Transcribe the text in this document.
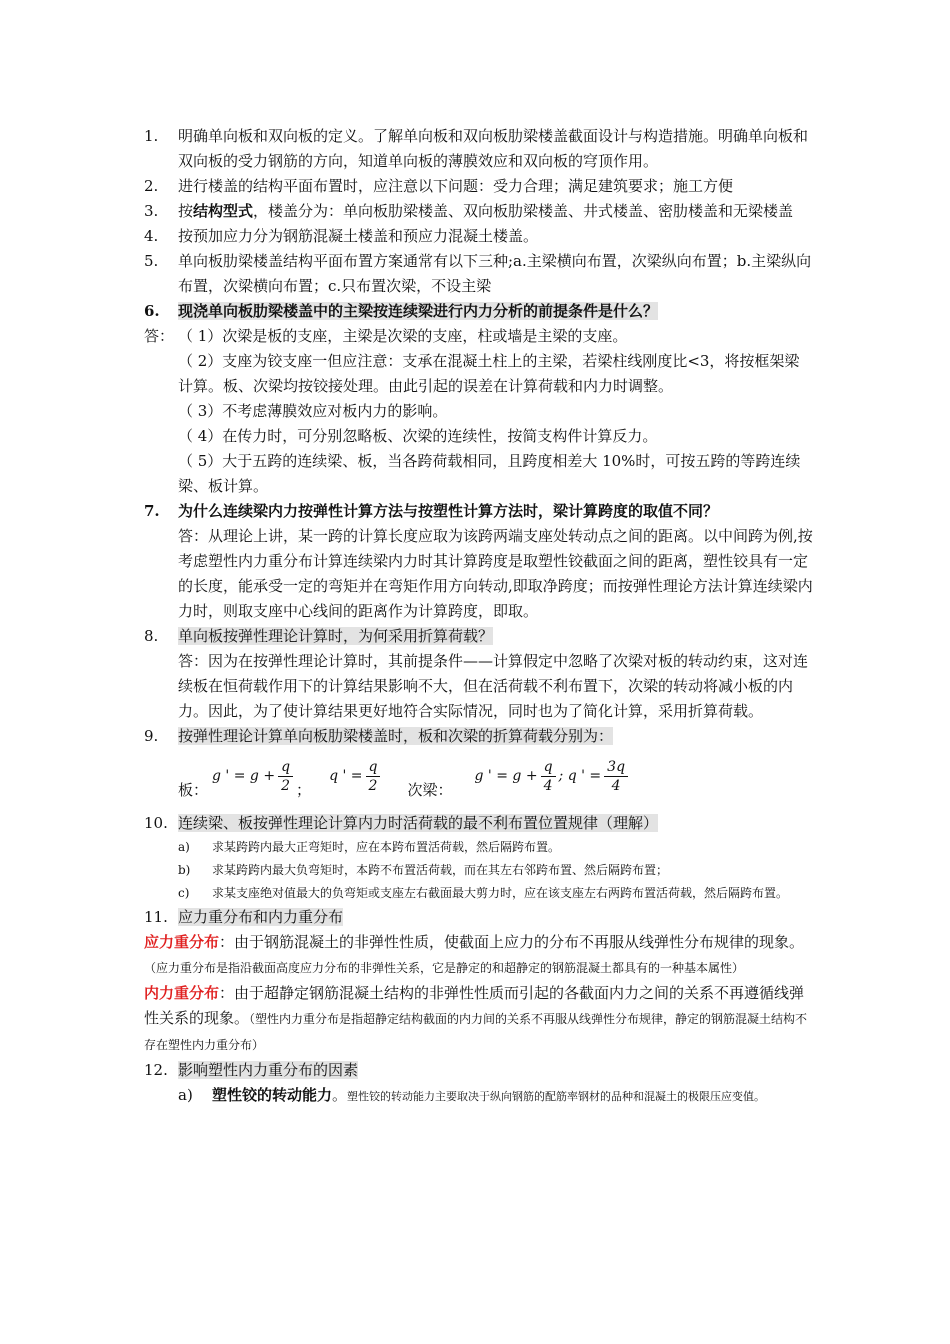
1.	明确单向板和双向板的定义。了解单向板和双向板肋梁楼盖截面设计与构造措施。明确单向板和双向板的受力钢筋的方向，知道单向板的薄膜效应和双向板的穹顶作用。
2.	进行楼盖的结构平面布置时，应注意以下问题：受力合理；满足建筑要求；施工方便
3.	按结构型式，楼盖分为：单向板肋梁楼盖、双向板肋梁楼盖、井式楼盖、密肋楼盖和无梁楼盖
4.	按预加应力分为钢筋混凝土楼盖和预应力混凝土楼盖。
5.	单向板肋梁楼盖结构平面布置方案通常有以下三种;a.主梁横向布置，次梁纵向布置；b.主梁纵向布置，次梁横向布置；c.只布置次梁，不设主梁
6.	现浇单向板肋梁楼盖中的主梁按连续梁进行内力分析的前提条件是什么？
答： （ 1）次梁是板的支座，主梁是次梁的支座，柱或墙是主梁的支座。
（ 2）支座为铰支座一但应注意：支承在混凝土柱上的主梁，若梁柱线刚度比<3，将按框架梁计算。板、次梁均按铰接处理。由此引起的误差在计算荷载和内力时调整。
（ 3）不考虑薄膜效应对板内力的影响。
（ 4）在传力时，可分别忽略板、次梁的连续性，按简支构件计算反力。
（ 5）大于五跨的连续梁、板，当各跨荷载相同，且跨度相差大 10%时，可按五跨的等跨连续梁、板计算。
7.	为什么连续梁内力按弹性计算方法与按塑性计算方法时，梁计算跨度的取值不同？
答：从理论上讲，某一跨的计算长度应取为该跨两端支座处转动点之间的距离。以中间跨为例,按考虑塑性内力重分布计算连续梁内力时其计算跨度是取塑性铰截面之间的距离，塑性铰具有一定的长度，能承受一定的弯矩并在弯矩作用方向转动,即取净跨度；而按弹性理论方法计算连续梁内力时，则取支座中心线间的距离作为计算跨度，即取。
8.	单向板按弹性理论计算时，为何采用折算荷载？
答：因为在按弹性理论计算时，其前提条件——计算假定中忽略了次梁对板的转动约束，这对连续板在恒荷载作用下的计算结果影响不大，但在活荷载不利布置下，次梁的转动将减小板的内力。因此，为了使计算结果更好地符合实际情况，同时也为了简化计算，采用折算荷载。
9.	按弹性理论计算单向板肋梁楼盖时，板和次梁的折算荷载分别为：
板：
g '
=
g
+ $\frac{q}{2}$ ；
q '
= $\frac{q}{2}$ 次梁：
g '
=
g
+ $\frac{q}{4}$ ;
q '
= $\frac{3q}{4}$
10. 连续梁、板按弹性理论计算内力时活荷载的最不利布置位置规律（理解）
a)	求某跨跨内最大正弯矩时，应在本跨布置活荷载，然后隔跨布置。
b)	求某跨跨内最大负弯矩时，本跨不布置活荷载，而在其左右邻跨布置、然后隔跨布置；
c)	求某支座绝对值最大的负弯矩或支座左右截面最大剪力时，应在该支座左右两跨布置活荷载，然后隔跨布置。
11. 应力重分布和内力重分布
应力重分布：由于钢筋混凝土的非弹性性质，使截面上应力的分布不再服从线弹性分布规律的现象。（应力重分布是指沿截面高度应力分布的非弹性关系，它是静定的和超静定的钢筋混凝土都具有的一种基本属性）
内力重分布：由于超静定钢筋混凝土结构的非弹性性质而引起的各截面内力之间的关系不再遵循线弹性关系的现象。（塑性内力重分布是指超静定结构截面的内力间的关系不再服从线弹性分布规律，静定的钢筋混凝土结构不存在塑性内力重分布）
12. 影响塑性内力重分布的因素
a)	塑性铰的转动能力。塑性铰的转动能力主要取决于纵向钢筋的配筋率钢材的品种和混凝土的极限压应变值。
